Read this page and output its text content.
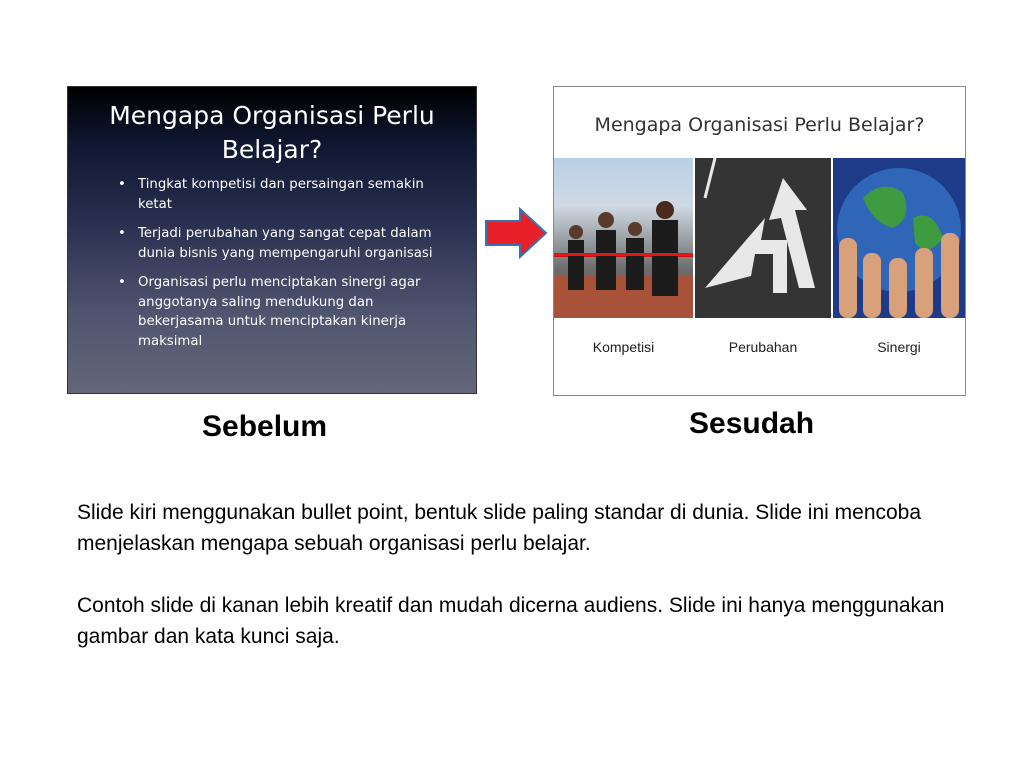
Mengapa Organisasi Perlu Belajar?
• Tingkat kompetisi dan persaingan semakin ketat
• Terjadi perubahan yang sangat cepat dalam dunia bisnis yang mempengaruhi organisasi
• Organisasi perlu menciptakan sinergi agar anggotanya saling mendukung dan bekerjasama untuk menciptakan kinerja maksimal
Mengapa Organisasi Perlu Belajar?
Kompetisi	Perubahan	Sinergi
Sebelum	Sesudah

Slide kiri menggunakan bullet point, bentuk slide paling standar di dunia. Slide ini mencoba menjelaskan mengapa sebuah organisasi perlu belajar.

Contoh slide di kanan lebih kreatif dan mudah dicerna audiens. Slide ini hanya menggunakan gambar dan kata kunci saja.
